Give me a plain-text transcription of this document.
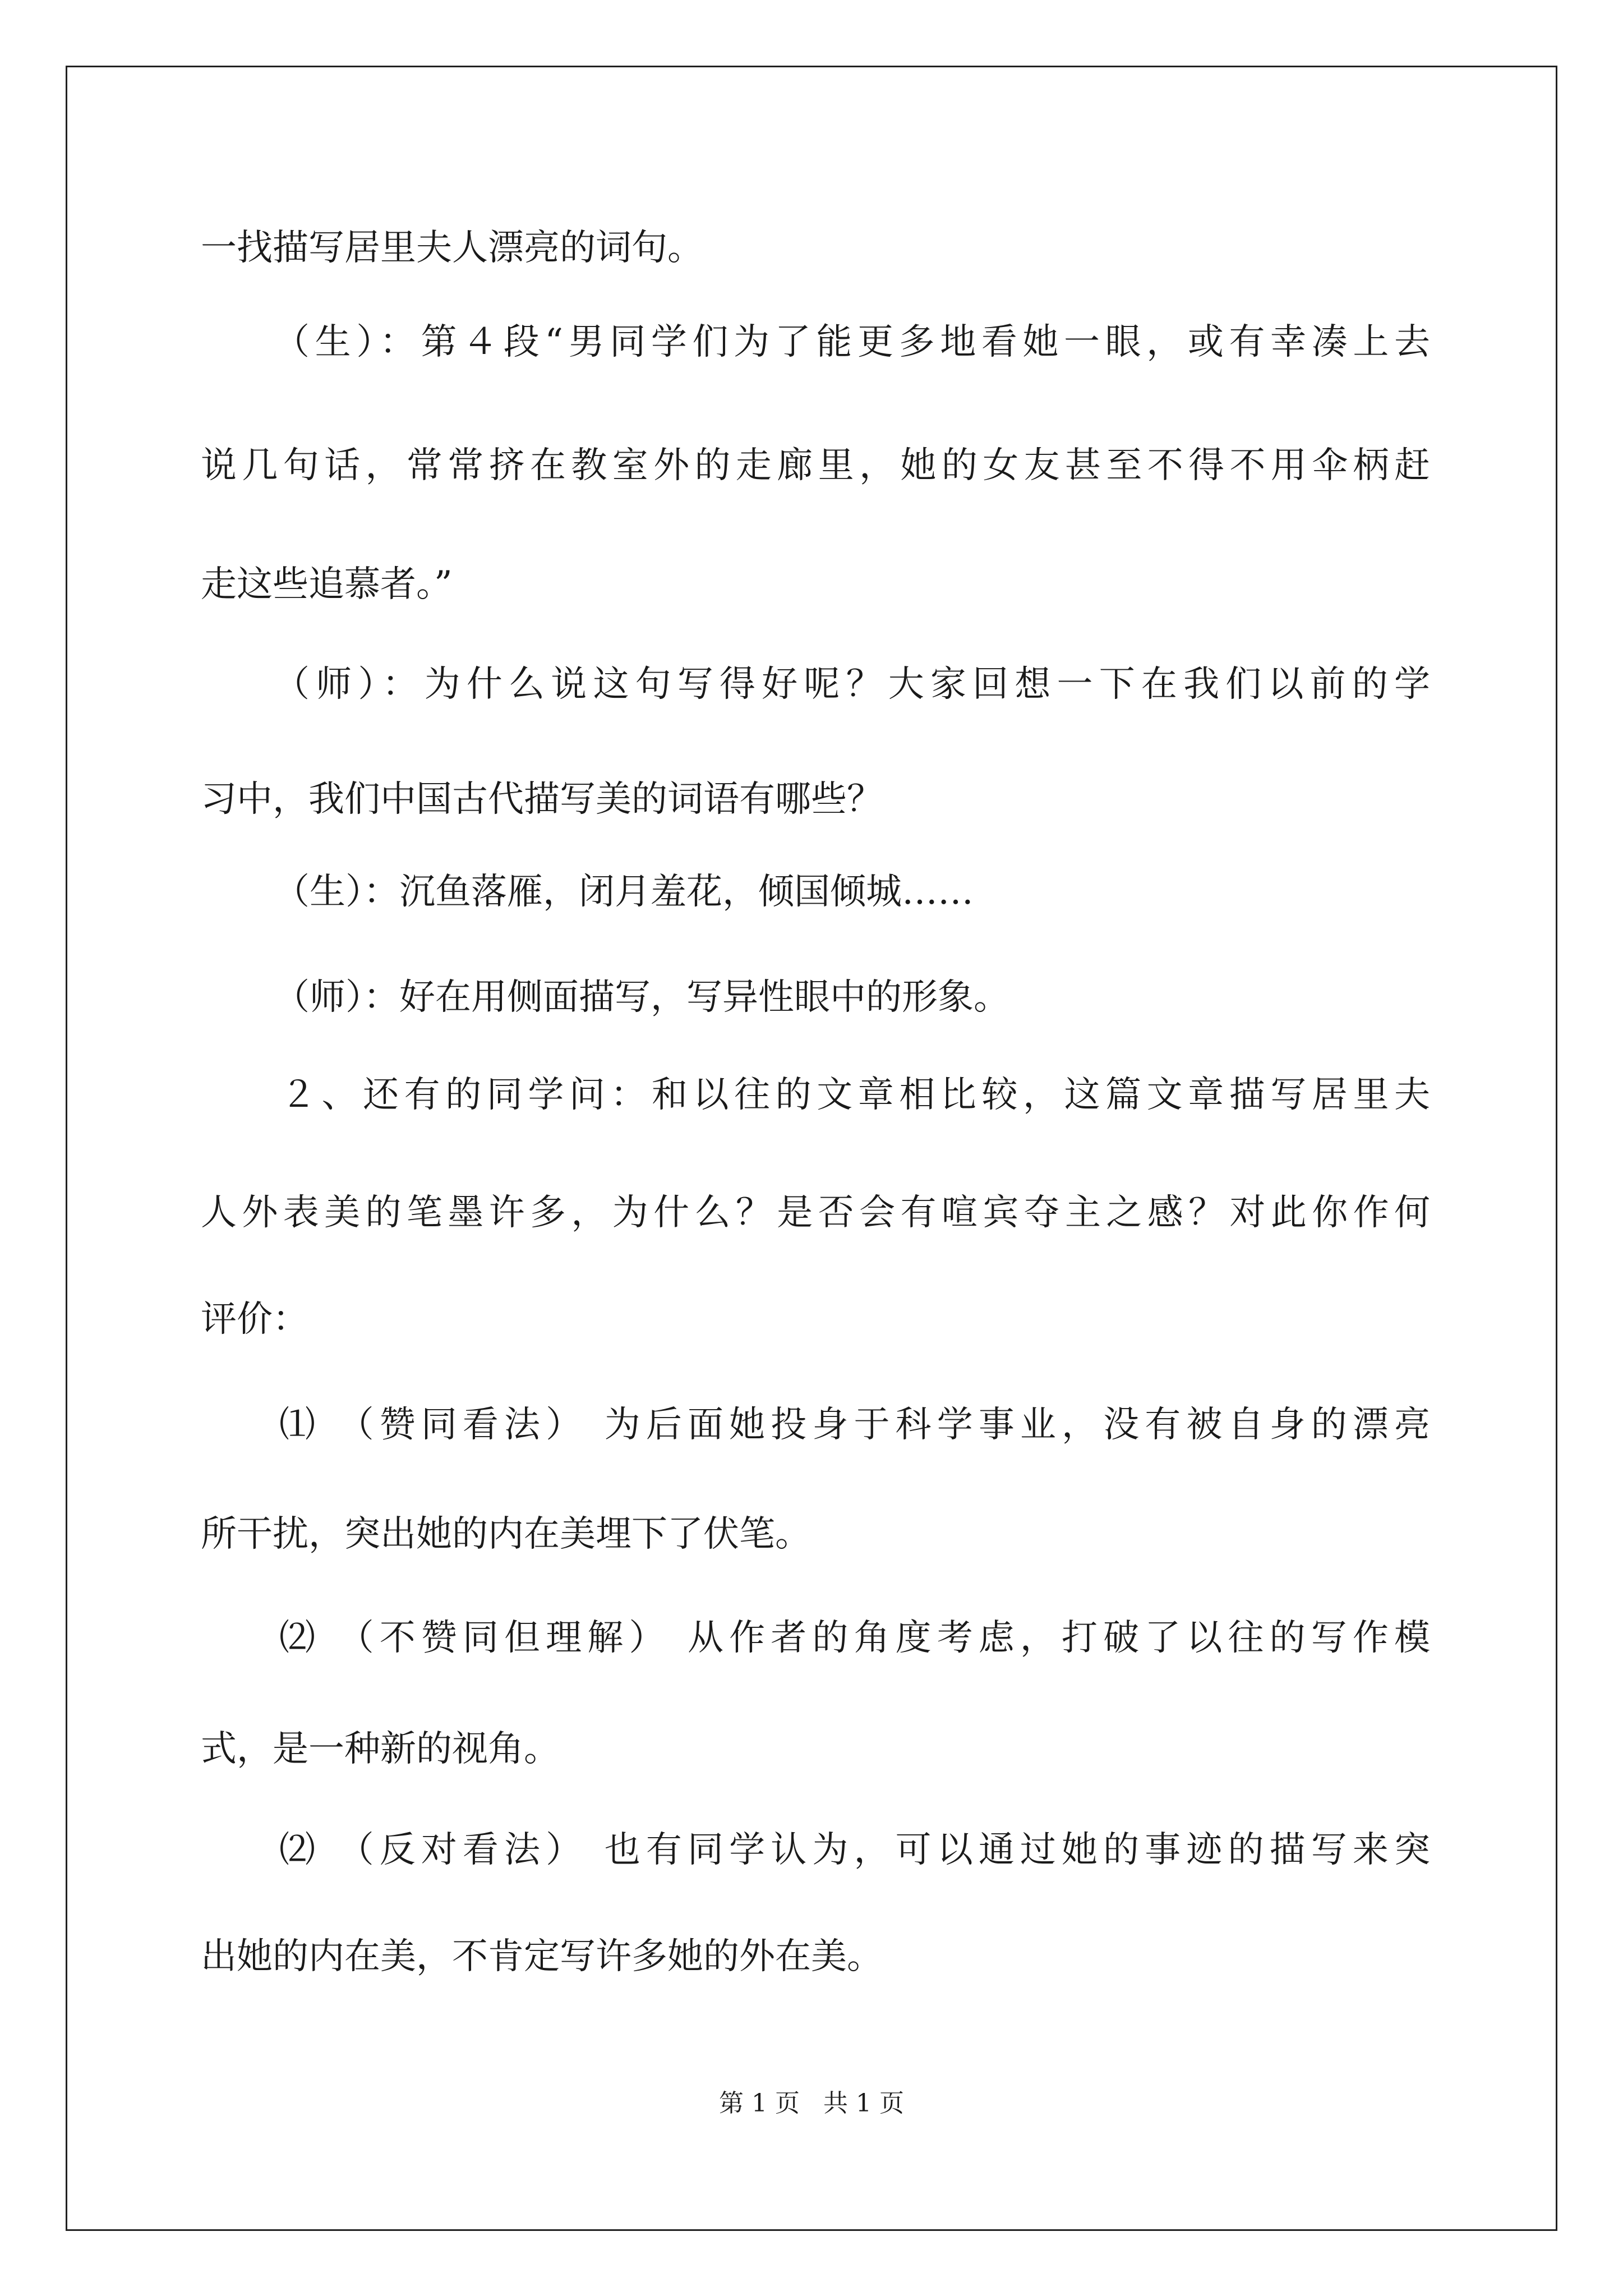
一找描写居里夫人漂亮的词句。

（生）：第４段“男同学们为了能更多地看她一眼，或有幸凑上去

说几句话，常常挤在教室外的走廊里，她的女友甚至不得不用伞柄赶

走这些追慕者。”

（师）：为什么说这句写得好呢？大家回想一下在我们以前的学

习中，我们中国古代描写美的词语有哪些？

（生）：沉鱼落雁，闭月羞花，倾国倾城……

（师）：好在用侧面描写，写异性眼中的形象。

２、还有的同学问：和以往的文章相比较，这篇文章描写居里夫

人外表美的笔墨许多，为什么？是否会有喧宾夺主之感？对此你作何

评价：

⑴ （赞同看法） 为后面她投身于科学事业，没有被自身的漂亮

所干扰，突出她的内在美埋下了伏笔。

⑵ （不赞同但理解） 从作者的角度考虑，打破了以往的写作模

式，是一种新的视角。

⑵ （反对看法） 也有同学认为，可以通过她的事迹的描写来突

出她的内在美，不肯定写许多她的外在美。

第 1 页   共 1 页
